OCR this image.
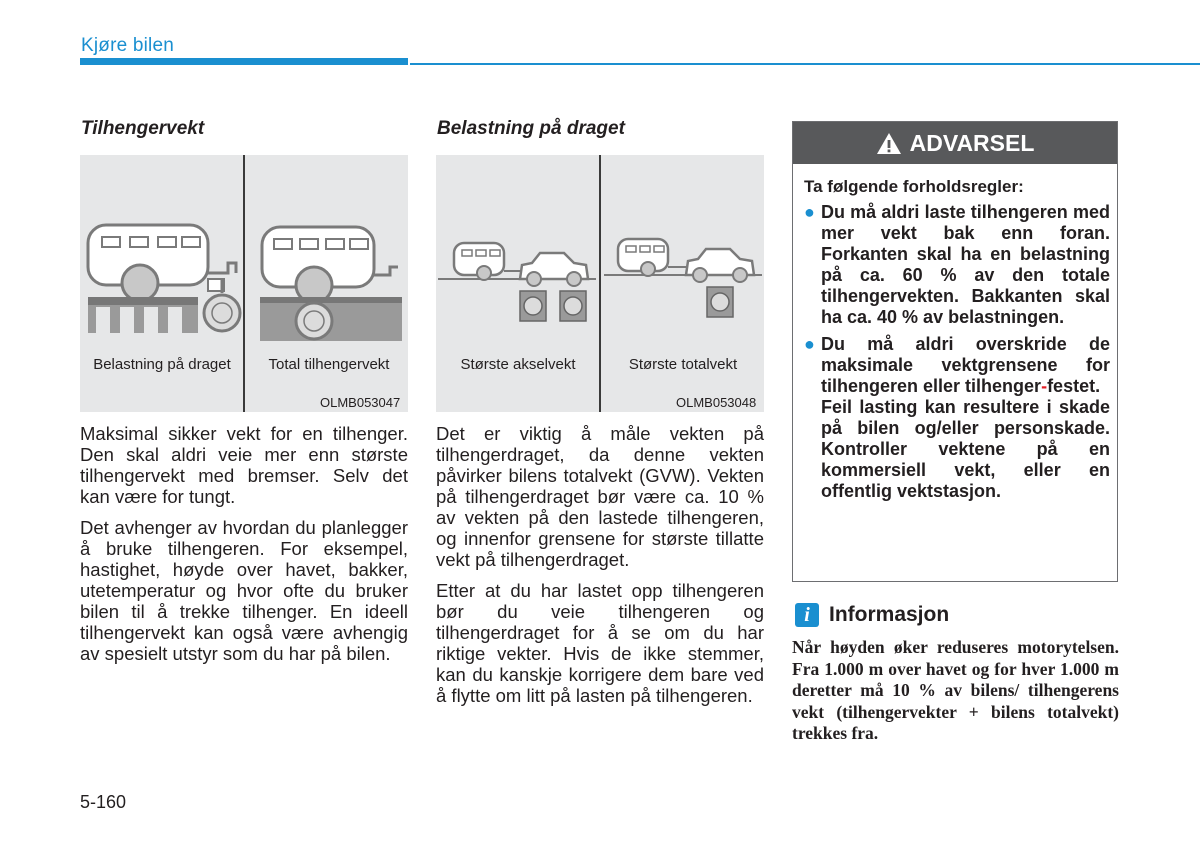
Kjøre bilen
Tilhengervekt
Belastning på draget	Total tilhengervekt
OLMB053047

Maksimal sikker vekt for en tilhenger. Den skal aldri veie mer enn største tilhengervekt med bremser. Selv det kan være for tungt.

Det avhenger av hvordan du planlegger å bruke tilhengeren. For eksempel, hastighet, høyde over havet, bakker, utetemperatur og hvor ofte du bruker bilen til å trekke tilhenger. En ideell tilhengervekt kan også være avhengig av spesielt utstyr som du har på bilen.

Belastning på draget
Største akselvekt	Største totalvekt
OLMB053048

Det er viktig å måle vekten på tilhengerdraget, da denne vekten påvirker bilens totalvekt (GVW). Vekten på tilhengerdraget bør være ca. 10 % av vekten på den lastede tilhengeren, og innenfor grensene for største tillatte vekt på tilhengerdraget.

Etter at du har lastet opp tilhengeren bør du veie tilhengeren og tilhengerdraget for å se om du har riktige vekter. Hvis de ikke stemmer, kan du kanskje korrigere dem bare ved å flytte om litt på lasten på tilhengeren.

ADVARSEL
Ta følgende forholdsregler:
● Du må aldri laste tilhengeren med mer vekt bak enn foran. Forkanten skal ha en belastning på ca. 60 % av den totale tilhengervekten. Bakkanten skal ha ca. 40 % av belastningen.
● Du må aldri overskride de maksimale vektgrensene for tilhengeren eller tilhenger-festet.
Feil lasting kan resultere i skade på bilen og/eller personskade. Kontroller vektene på en kommersiell vekt, eller en offentlig vektstasjon.
i Informasjon
Når høyden øker reduseres motorytelsen. Fra 1.000 m over havet og for hver 1.000 m deretter må 10 % av bilens/ tilhengerens vekt (tilhengervekter + bilens totalvekt) trekkes fra.
5-160
